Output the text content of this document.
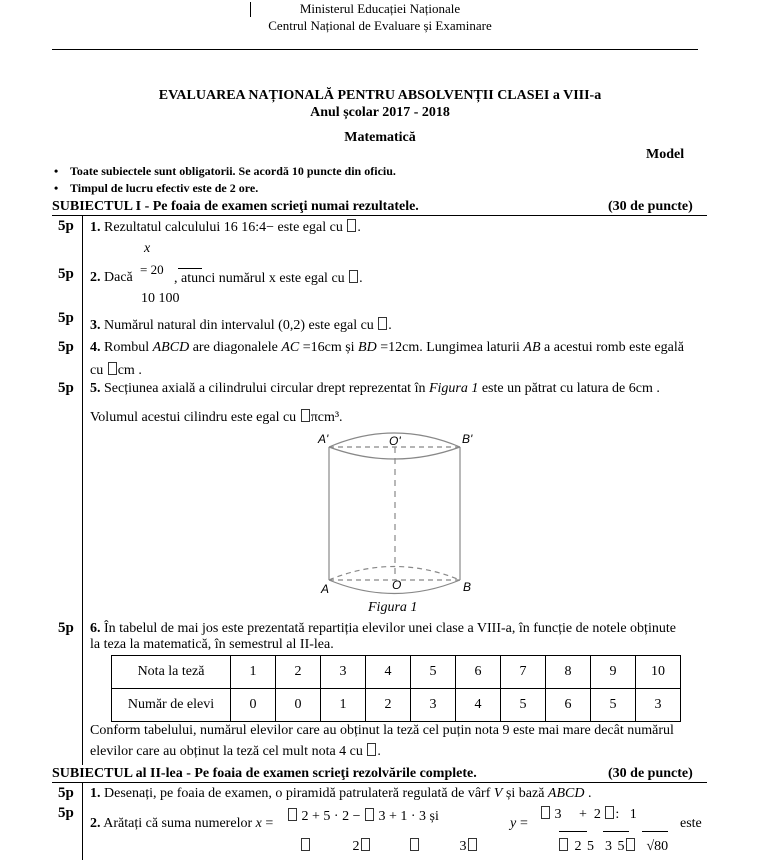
Ministerul Educației Naționale
Centrul Național de Evaluare și Examinare
EVALUAREA NAȚIONALĂ PENTRU ABSOLVENȚII CLASEI a VIII-a
Anul școlar 2017 - 2018
Matematică
Model
• Toate subiectele sunt obligatorii. Se acordă 10 puncte din oficiu.
• Timpul de lucru efectiv este de 2 ore.
SUBIECTUL I - Pe foaia de examen scrieţi numai rezultatele.	(30 de puncte)
5p 1. Rezultatul calculului 16 16:4− este egal cu .
x
5p 2. Dacă
= 20
, atunci numărul x este egal cu .
10 100
5p 3. Numărul natural din intervalul (0,2) este egal cu .
5p 4. Rombul ABCD are diagonalele AC =16cm și BD =12cm. Lungimea laturii AB a acestui romb este egală
cu cm .
5p 5. Secțiunea axială a cilindrului circular drept reprezentat în Figura 1 este un pătrat cu latura de 6cm .
Volumul acestui cilindru este egal cu πcm³.
A'	O'	B'
A	O	B
Figura 1
5p 6. În tabelul de mai jos este prezentată repartiția elevilor unei clase a VIII-a, în funcție de notele obținute
la teza la matematică, în semestrul al II-lea.
Nota la teză	1	2	3	4	5	6	7	8	9	10
Număr de elevi	0	0	1	2	3	4	5	6	5	3
Conform tabelului, numărul elevilor care au obținut la teză cel puțin nota 9 este mai mare decât numărul
elevilor care au obținut la teză cel mult nota 4 cu .
SUBIECTUL al II-lea - Pe foaia de examen scrieţi rezolvările complete.	(30 de puncte)
5p 1. Desenați, pe foaia de examen, o piramidă patrulateră regulată de vârf V și bază ABCD .
5p
2. Arătați că suma numerelor x =	2 + 5 · 2 − 3 + 1 · 3 și	y =
3 + 2 : 1
este
2	3	2 5 3 5 √80
